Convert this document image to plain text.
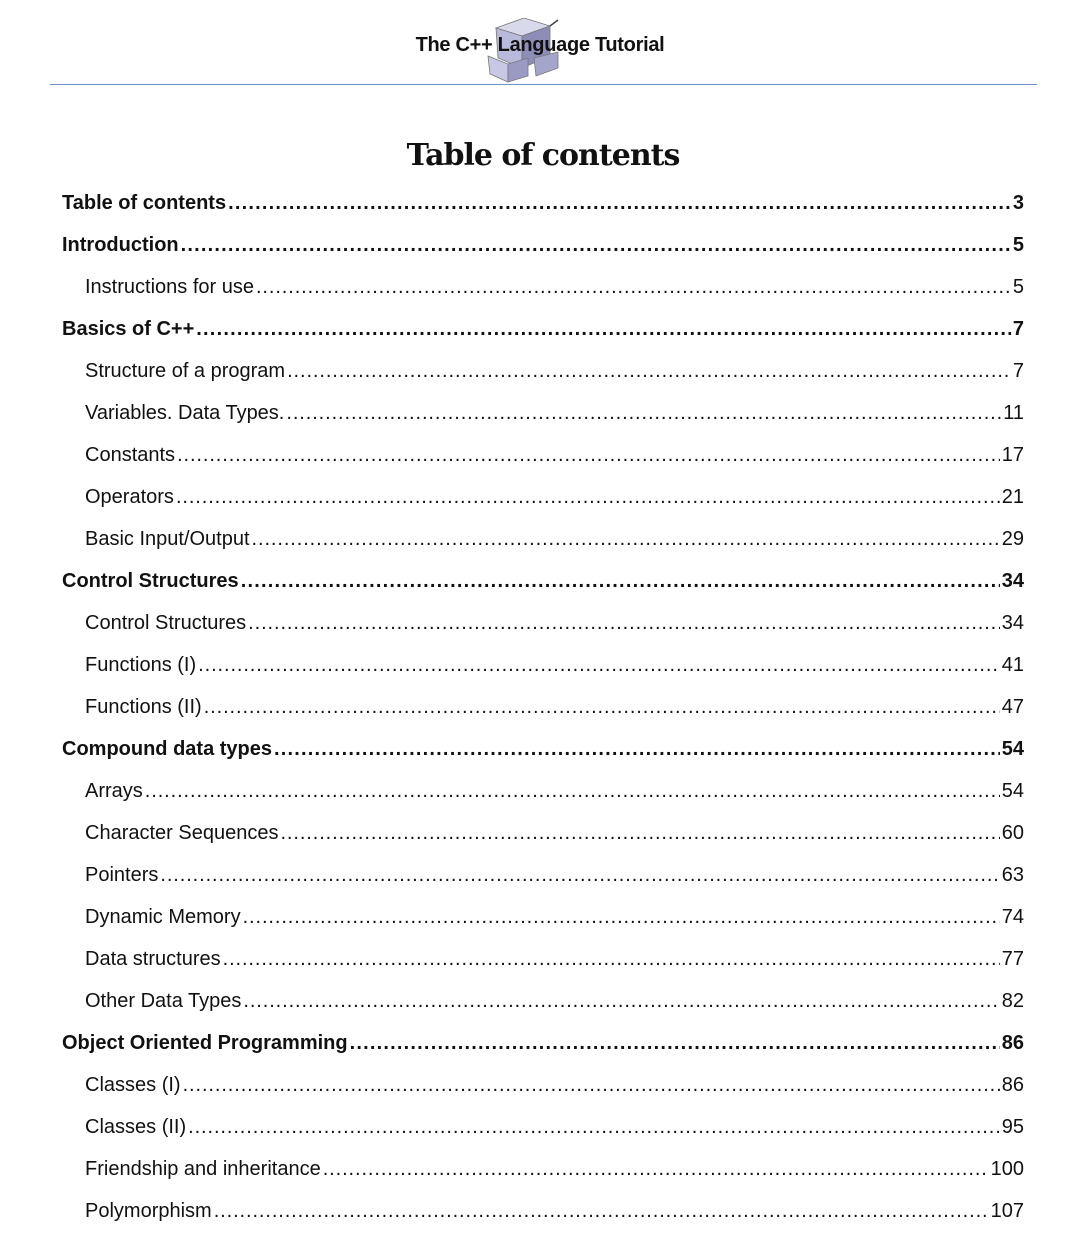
The C++ Language Tutorial
Table of contents
Table of contents .....	3
Introduction .....	5
Instructions for use .....	5
Basics of C++ .....	7
Structure of a program .....	7
Variables. Data Types. .....	11
Constants .....	17
Operators .....	21
Basic Input/Output .....	29
Control Structures .....	34
Control Structures .....	34
Functions (I) .....	41
Functions (II) .....	47
Compound data types .....	54
Arrays .....	54
Character Sequences .....	60
Pointers .....	63
Dynamic Memory .....	74
Data structures .....	77
Other Data Types .....	82
Object Oriented Programming .....	86
Classes (I) .....	86
Classes (II) .....	95
Friendship and inheritance .....	100
Polymorphism .....	107
